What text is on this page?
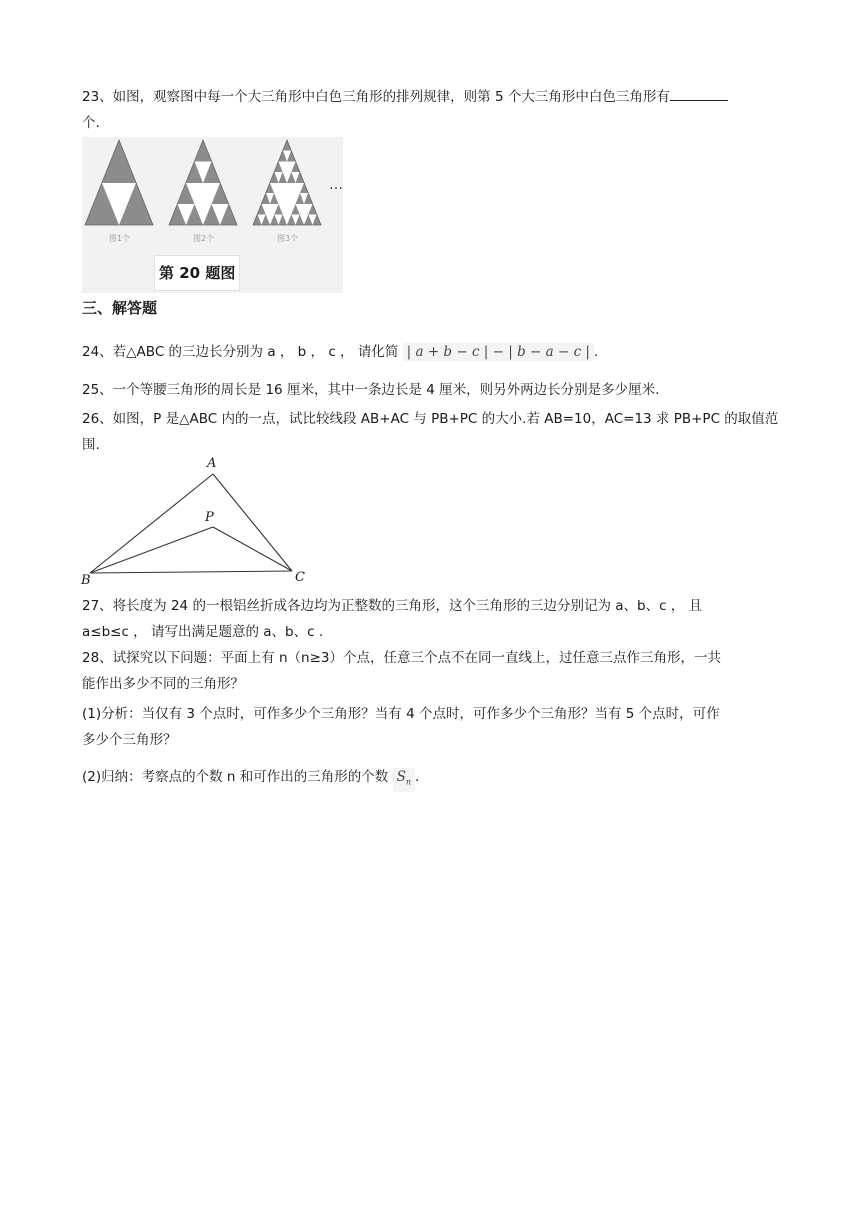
23、如图，观察图中每一个大三角形中白色三角形的排列规律，则第 5 个大三角形中白色三角形有
个.
…
图1个	图2个	图3个
第 20 题图
三、解答题
24、若△ABC 的三边长分别为 a ， b ， c ， 请化简 | a + b − c | − | b − a − c | .
25、一个等腰三角形的周长是 16 厘米，其中一条边长是 4 厘米，则另外两边长分别是多少厘米.
26、如图，P 是△ABC 内的一点，试比较线段 AB+AC 与 PB+PC 的大小.若 AB=10，AC=13 求 PB+PC 的取值范
围.
A
P
B	C
27、将长度为 24 的一根铝丝折成各边均为正整数的三角形，这个三角形的三边分别记为 a、b、c ， 且
a≤b≤c ， 请写出满足题意的 a、b、c .
28、试探究以下问题：平面上有 n（n≥3）个点，任意三个点不在同一直线上，过任意三点作三角形，一共
能作出多少不同的三角形？
(1)分析：当仅有 3 个点时，可作多少个三角形？当有 4 个点时，可作多少个三角形？当有 5 个点时，可作
多少个三角形？
(2)归纳：考察点的个数 n 和可作出的三角形的个数 $S_n$ .
